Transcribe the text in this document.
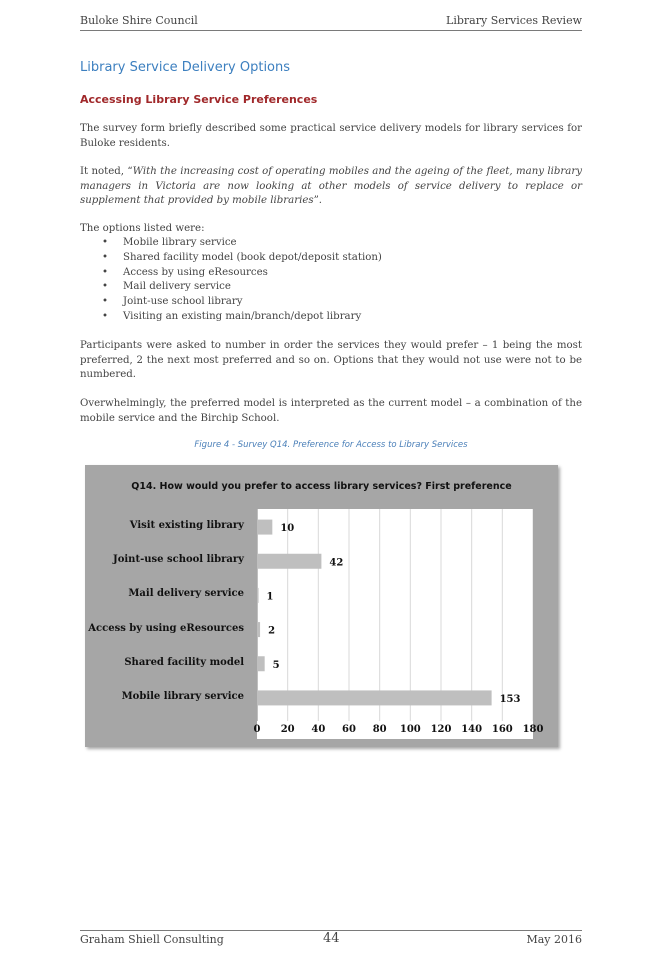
Buloke Shire Council	Library Services Review
Library Service Delivery Options
Accessing Library Service Preferences
The survey form briefly described some practical service delivery models for library services for Buloke residents.
It noted, “With the increasing cost of operating mobiles and the ageing of the fleet, many library managers in Victoria are now looking at other models of service delivery to replace or supplement that provided by mobile libraries”.
The options listed were:
• Mobile library service
• Shared facility model (book depot/deposit station)
• Access by using eResources
• Mail delivery service
• Joint-use school library
• Visiting an existing main/branch/depot library
Participants were asked to number in order the services they would prefer – 1 being the most preferred, 2 the next most preferred and so on. Options that they would not use were not to be numbered.
Overwhelmingly, the preferred model is interpreted as the current model – a combination of the mobile service and the Birchip School.
Figure 4 - Survey Q14. Preference for Access to Library Services
Q14. How would you prefer to access library services? First preference
10
42
1
2
5
153
0 20 40 60 80 100 120 140 160 180
Visit existing library
Joint-use school library
Mail delivery service
Access by using eResources
Shared facility model
Mobile library service
Graham Shiell Consulting	44	May 2016
